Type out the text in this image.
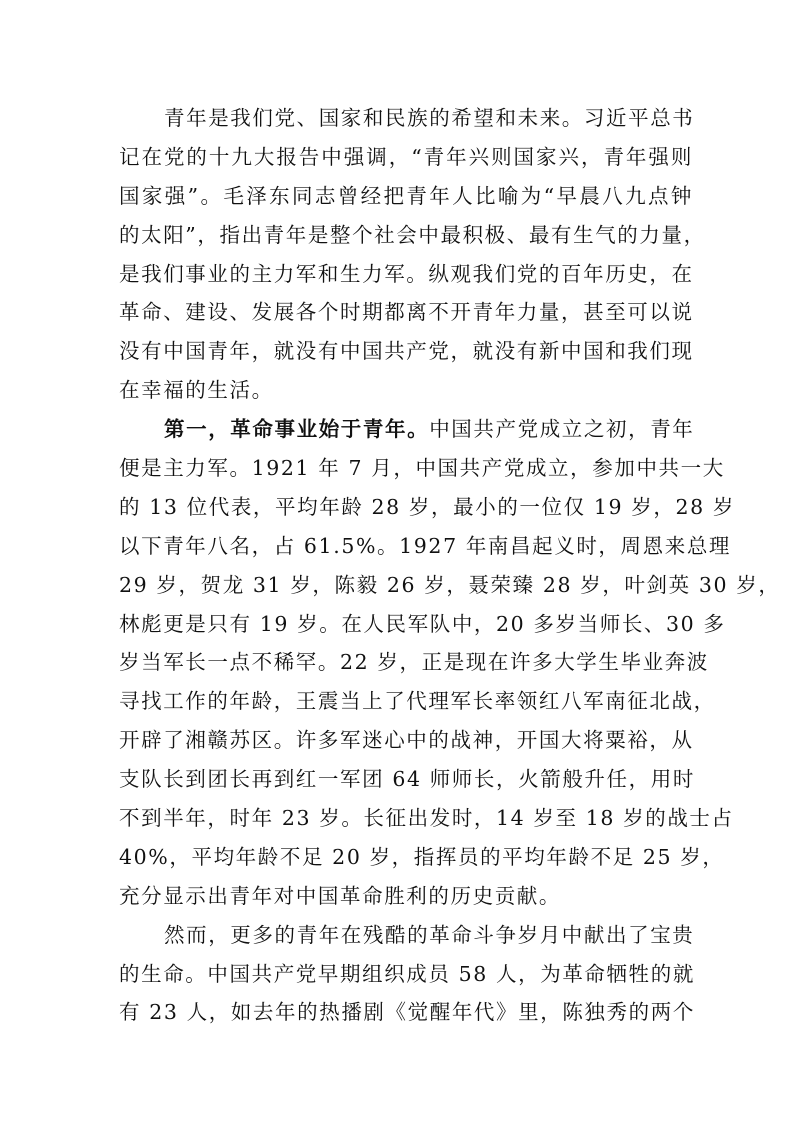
青年是我们党、国家和民族的希望和未来。习近平总书
记在党的十九大报告中强调，“青年兴则国家兴，青年强则
国家强”。毛泽东同志曾经把青年人比喻为“早晨八九点钟
的太阳”，指出青年是整个社会中最积极、最有生气的力量，
是我们事业的主力军和生力军。纵观我们党的百年历史，在
革命、建设、发展各个时期都离不开青年力量，甚至可以说
没有中国青年，就没有中国共产党，就没有新中国和我们现
在幸福的生活。
第一，革命事业始于青年。中国共产党成立之初，青年
便是主力军。1921 年 7 月，中国共产党成立，参加中共一大
的 13 位代表，平均年龄 28 岁，最小的一位仅 19 岁，28 岁
以下青年八名，占 61.5%。1927 年南昌起义时，周恩来总理
29 岁，贺龙 31 岁，陈毅 26 岁，聂荣臻 28 岁，叶剑英 30 岁，
林彪更是只有 19 岁。在人民军队中，20 多岁当师长、30 多
岁当军长一点不稀罕。22 岁，正是现在许多大学生毕业奔波
寻找工作的年龄，王震当上了代理军长率领红八军南征北战，
开辟了湘赣苏区。许多军迷心中的战神，开国大将粟裕，从
支队长到团长再到红一军团 64 师师长，火箭般升任，用时
不到半年，时年 23 岁。长征出发时，14 岁至 18 岁的战士占
40%，平均年龄不足 20 岁，指挥员的平均年龄不足 25 岁，
充分显示出青年对中国革命胜利的历史贡献。
然而，更多的青年在残酷的革命斗争岁月中献出了宝贵
的生命。中国共产党早期组织成员 58 人，为革命牺牲的就
有 23 人，如去年的热播剧《觉醒年代》里，陈独秀的两个
